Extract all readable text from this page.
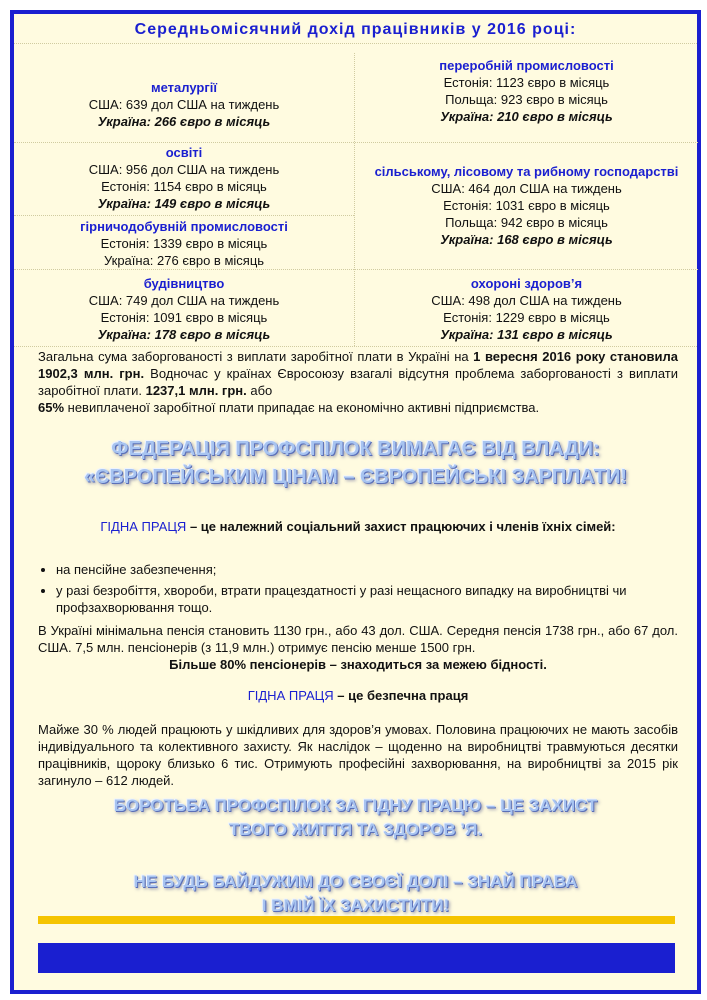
Середньомісячний дохід працівників у 2016 році:
металургії
США: 639 дол США на тиждень
Україна: 266 євро в місяць
освіті
США: 956 дол США на тиждень
Естонія: 1154 євро в місяць
Україна: 149 євро в місяць
гірничодобувній промисловості
Естонія: 1339 євро в місяць
Україна: 276 євро в місяць
будівництво
США: 749 дол США на тиждень
Естонія: 1091 євро в місяць
Україна: 178 євро в місяць
переробній промисловості
Естонія: 1123 євро в місяць
Польща: 923 євро в місяць
Україна: 210 євро в місяць
сільському, лісовому та рибному господарстві
США: 464 дол США на тиждень
Естонія: 1031 євро в місяць
Польща: 942 євро в місяць
Україна: 168 євро в місяць
охороні здоров’я
США: 498 дол США на тиждень
Естонія: 1229 євро в місяць
Україна: 131 євро в місяць
Загальна сума заборгованості з виплати заробітної плати в Україні на 1 вересня 2016 року становила 1902,3 млн. грн. Водночас у країнах Євросоюзу взагалі відсутня проблема заборгованості з виплати заробітної плати. 1237,1 млн. грн. або
65% невиплаченої заробітної плати припадає на економічно активні підприємства.
ФЕДЕРАЦІЯ ПРОФСПІЛОК ВИМАГАЄ ВІД ВЛАДИ:
«ЄВРОПЕЙСЬКИМ ЦІНАМ – ЄВРОПЕЙСЬКІ ЗАРПЛАТИ!
ГІДНА ПРАЦЯ – це належний соціальний захист працюючих і членів їхніх сімей:
• на пенсійне забезпечення;
• у разі безробіття, хвороби, втрати працездатності у разі нещасного випадку на виробництві чи профзахворювання тощо.
В Україні мінімальна пенсія становить 1130 грн., або 43 дол. США. Середня пенсія 1738 грн., або 67 дол. США. 7,5 млн. пенсіонерів (з 11,9 млн.) отримує пенсію менше 1500 грн.
Більше 80% пенсіонерів – знаходиться за межею бідності.
ГІДНА ПРАЦЯ – це безпечна праця
Майже 30 % людей працюють у шкідливих для здоров’я умовах. Половина працюючих не мають засобів індивідуального та колективного захисту. Як наслідок – щоденно на виробництві травмуються десятки працівників, щороку близько 6 тис. Отримують професійні захворювання, на виробництві за 2015 рік загинуло – 612 людей.
БОРОТЬБА ПРОФСПІЛОК ЗА ГІДНУ ПРАЦЮ – ЦЕ ЗАХИСТ
ТВОГО ЖИТТЯ ТА ЗДОРОВ ’Я.
НЕ БУДЬ БАЙДУЖИМ ДО СВОЄЇ ДОЛІ – ЗНАЙ ПРАВА
І ВМІЙ ЇХ ЗАХИСТИТИ!
